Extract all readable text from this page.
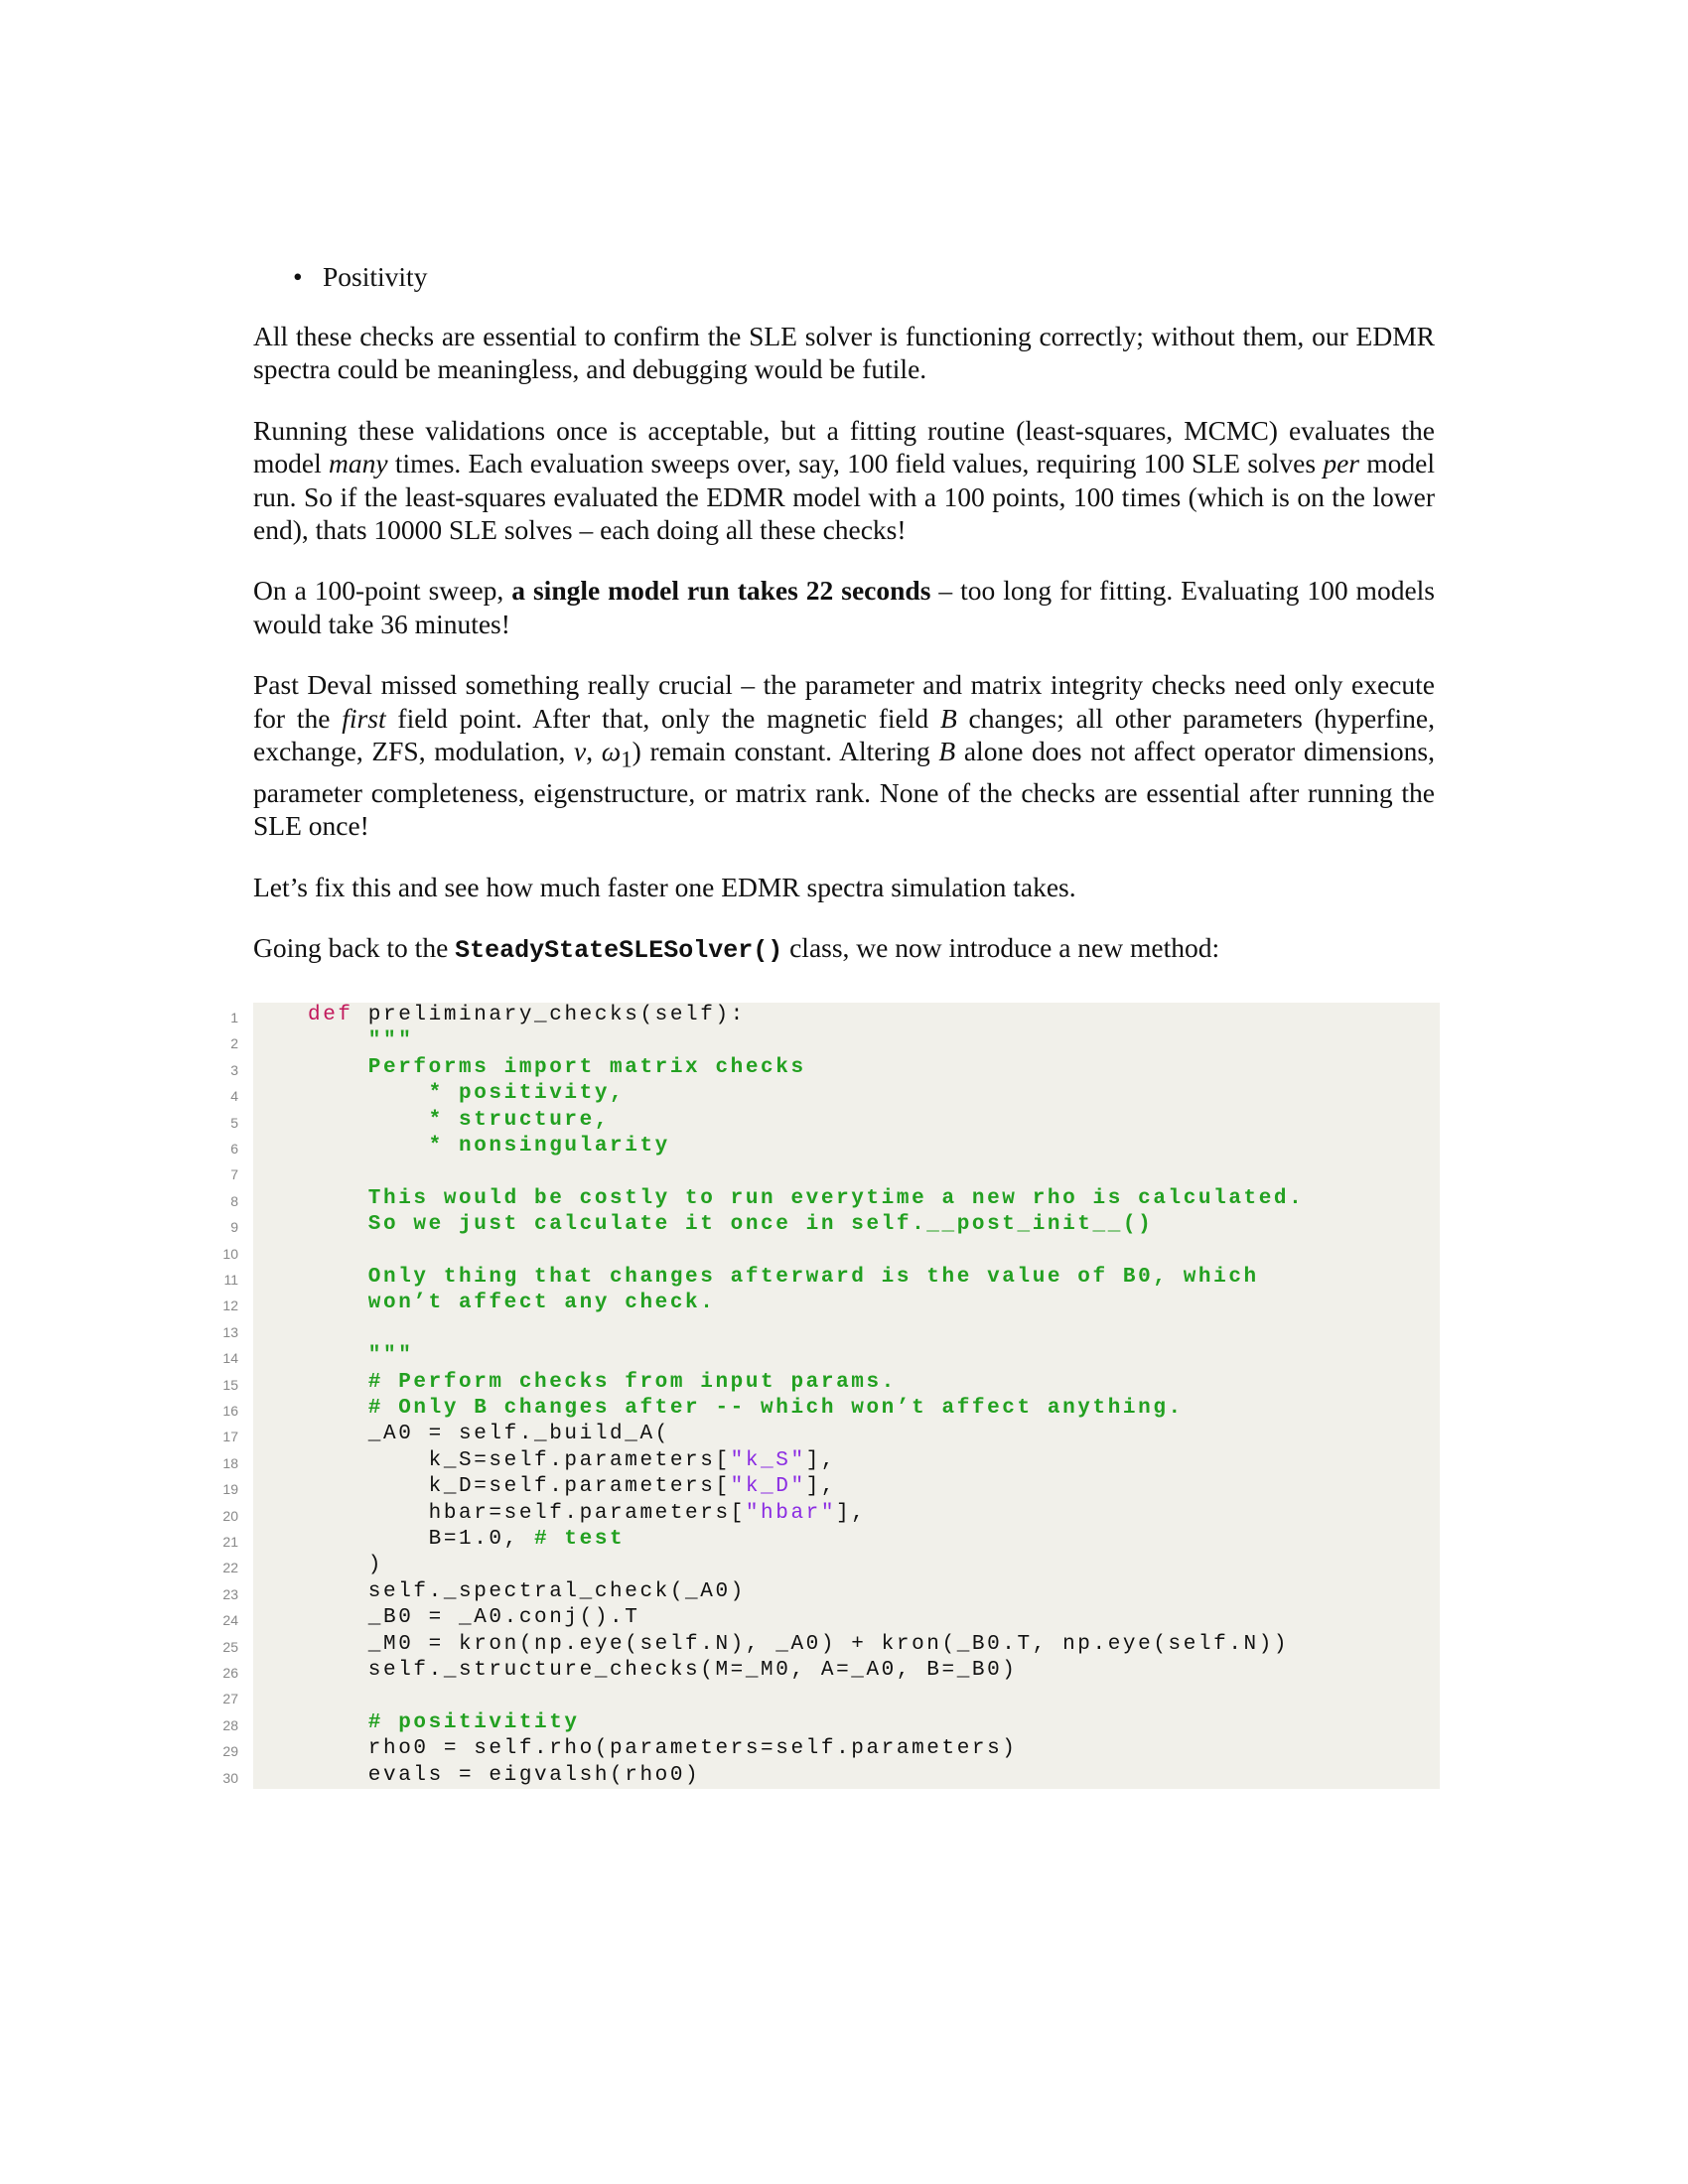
• Positivity

All these checks are essential to confirm the SLE solver is functioning correctly; without them, our EDMR spectra could be meaningless, and debugging would be futile.

Running these validations once is acceptable, but a fitting routine (least-squares, MCMC) evaluates the model many times. Each evaluation sweeps over, say, 100 field values, requiring 100 SLE solves per model run. So if the least-squares evaluated the EDMR model with a 100 points, 100 times (which is on the lower end), thats 10000 SLE solves – each doing all these checks!

On a 100-point sweep, a single model run takes 22 seconds – too long for fitting. Evaluating 100 models would take 36 minutes!

Past Deval missed something really crucial – the parameter and matrix integrity checks need only execute for the first field point. After that, only the magnetic field B changes; all other parameters (hyperfine, exchange, ZFS, modulation, ν, $\omega_1$) remain constant. Altering B alone does not affect operator dimensions, parameter completeness, eigenstructure, or matrix rank. None of the checks are essential after running the SLE once!

Let’s fix this and see how much faster one EDMR spectra simulation takes.

Going back to the SteadyStateSLESolver() class, we now introduce a new method:

1	def preliminary_checks(self):
2	"""
3	Performs import matrix checks
4	* positivity,
5	* structure,
6	* nonsingularity
7
8	This would be costly to run everytime a new rho is calculated.
9	So we just calculate it once in self.__post_init__()
10
11	Only thing that changes afterward is the value of B0, which
12	won’t affect any check.
13
14	"""
15	# Perform checks from input params.
16	# Only B changes after -- which won’t affect anything.
17	_A0 = self._build_A(
18	k_S=self.parameters["k_S"],
19	k_D=self.parameters["k_D"],
20	hbar=self.parameters["hbar"],
21	B=1.0, # test
22	)
23	self._spectral_check(_A0)
24	_B0 = _A0.conj().T
25	_M0 = kron(np.eye(self.N), _A0) + kron(_B0.T, np.eye(self.N))
26	self._structure_checks(M=_M0, A=_A0, B=_B0)
27
28	# positivitity
29	rho0 = self.rho(parameters=self.parameters)
30	evals = eigvalsh(rho0)
